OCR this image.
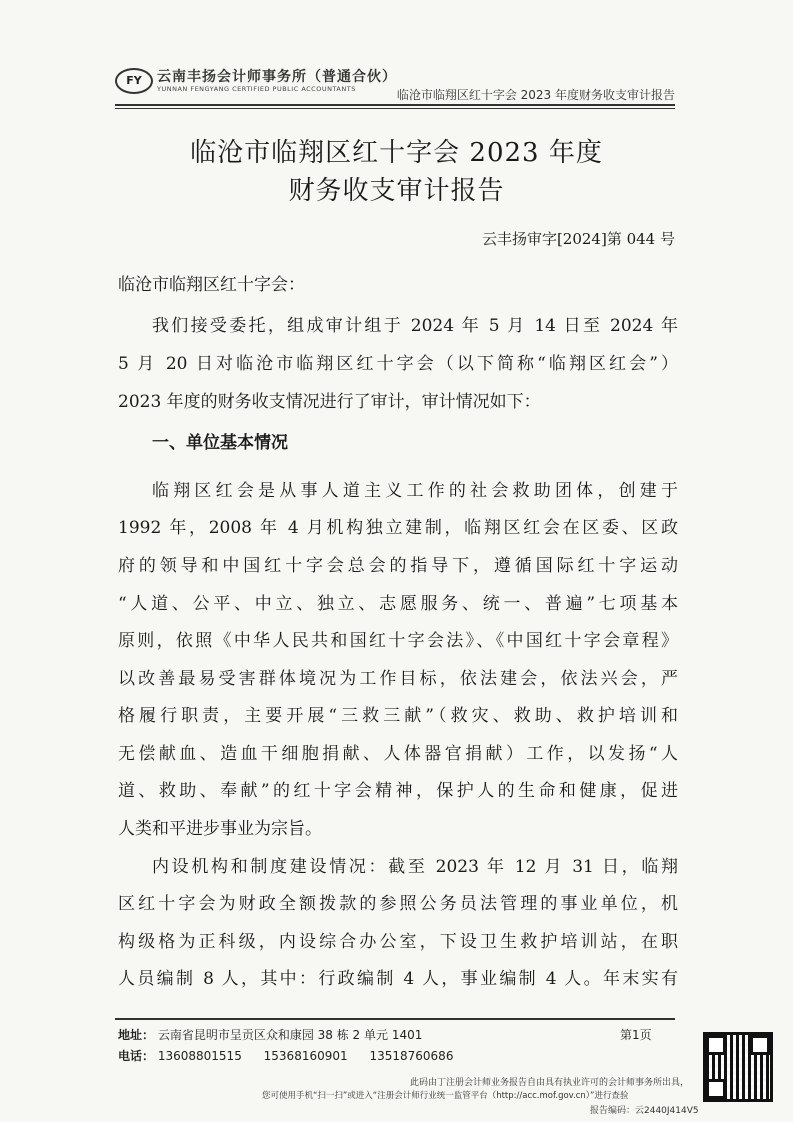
FY	云南丰扬会计师事务所（普通合伙）
YUNNAN FENGYANG CERTIFIED PUBLIC ACCOUNTANTS	临沧市临翔区红十字会 2023 年度财务收支审计报告
临沧市临翔区红十字会 2023 年度
财务收支审计报告
云丰扬审字[2024]第 044 号
临沧市临翔区红十字会：
我们接受委托，组成审计组于 2024 年 5 月 14 日至 2024 年
5 月 20 日对临沧市临翔区红十字会（以下简称“临翔区红会”）
2023 年度的财务收支情况进行了审计，审计情况如下：
一、单位基本情况
临翔区红会是从事人道主义工作的社会救助团体，创建于
1992 年，2008 年 4 月机构独立建制，临翔区红会在区委、区政
府的领导和中国红十字会总会的指导下，遵循国际红十字运动
“人道、公平、中立、独立、志愿服务、统一、普遍”七项基本
原则，依照《中华人民共和国红十字会法》、《中国红十字会章程》
以改善最易受害群体境况为工作目标，依法建会，依法兴会，严
格履行职责，主要开展“三救三献”（救灾、救助、救护培训和
无偿献血、造血干细胞捐献、人体器官捐献）工作，以发扬“人
道、救助、奉献”的红十字会精神，保护人的生命和健康，促进
人类和平进步事业为宗旨。
内设机构和制度建设情况：截至 2023 年 12 月 31 日，临翔
区红十字会为财政全额拨款的参照公务员法管理的事业单位，机
构级格为正科级，内设综合办公室，下设卫生救护培训站，在职
人员编制 8 人，其中：行政编制 4 人，事业编制 4 人。年末实有
地址： 云南省昆明市呈贡区众和康园 38 栋 2 单元 1401	第1页
电话： 13608801515 15368160901 13518760686
此码由丁注册会计师业务报告自由具有执业许可的会计师事务所出具，
您可使用手机“扫一扫”或进入“注册会计师行业统一监管平台（http://acc.mof.gov.cn）”进行查验
报告编码：云2440J414V5
